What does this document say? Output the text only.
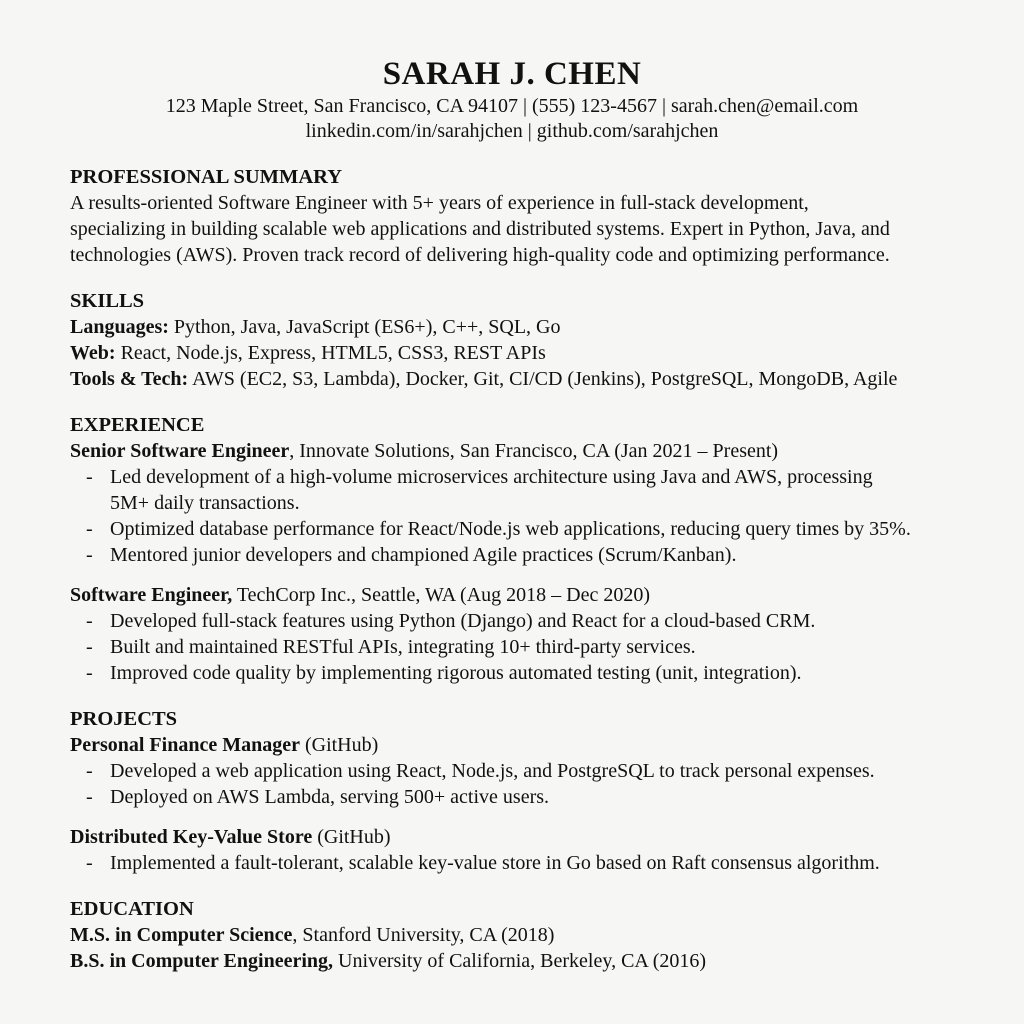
SARAH J. CHEN
123 Maple Street, San Francisco, CA 94107 | (555) 123-4567 | sarah.chen@email.com
linkedin.com/in/sarahjchen | github.com/sarahjchen
PROFESSIONAL SUMMARY
A results-oriented Software Engineer with 5+ years of experience in full-stack development,
specializing in building scalable web applications and distributed systems. Expert in Python, Java, and
technologies (AWS). Proven track record of delivering high-quality code and optimizing performance.
SKILLS
Languages: Python, Java, JavaScript (ES6+), C++, SQL, Go
Web: React, Node.js, Express, HTML5, CSS3, REST APIs
Tools & Tech: AWS (EC2, S3, Lambda), Docker, Git, CI/CD (Jenkins), PostgreSQL, MongoDB, Agile
EXPERIENCE
Senior Software Engineer, Innovate Solutions, San Francisco, CA (Jan 2021 – Present)
- Led development of a high-volume microservices architecture using Java and AWS, processing
5M+ daily transactions.
- Optimized database performance for React/Node.js web applications, reducing query times by 35%.
- Mentored junior developers and championed Agile practices (Scrum/Kanban).
Software Engineer, TechCorp Inc., Seattle, WA (Aug 2018 – Dec 2020)
- Developed full-stack features using Python (Django) and React for a cloud-based CRM.
- Built and maintained RESTful APIs, integrating 10+ third-party services.
- Improved code quality by implementing rigorous automated testing (unit, integration).
PROJECTS
Personal Finance Manager (GitHub)
- Developed a web application using React, Node.js, and PostgreSQL to track personal expenses.
- Deployed on AWS Lambda, serving 500+ active users.
Distributed Key-Value Store (GitHub)
- Implemented a fault-tolerant, scalable key-value store in Go based on Raft consensus algorithm.
EDUCATION
M.S. in Computer Science, Stanford University, CA (2018)
B.S. in Computer Engineering, University of California, Berkeley, CA (2016)
